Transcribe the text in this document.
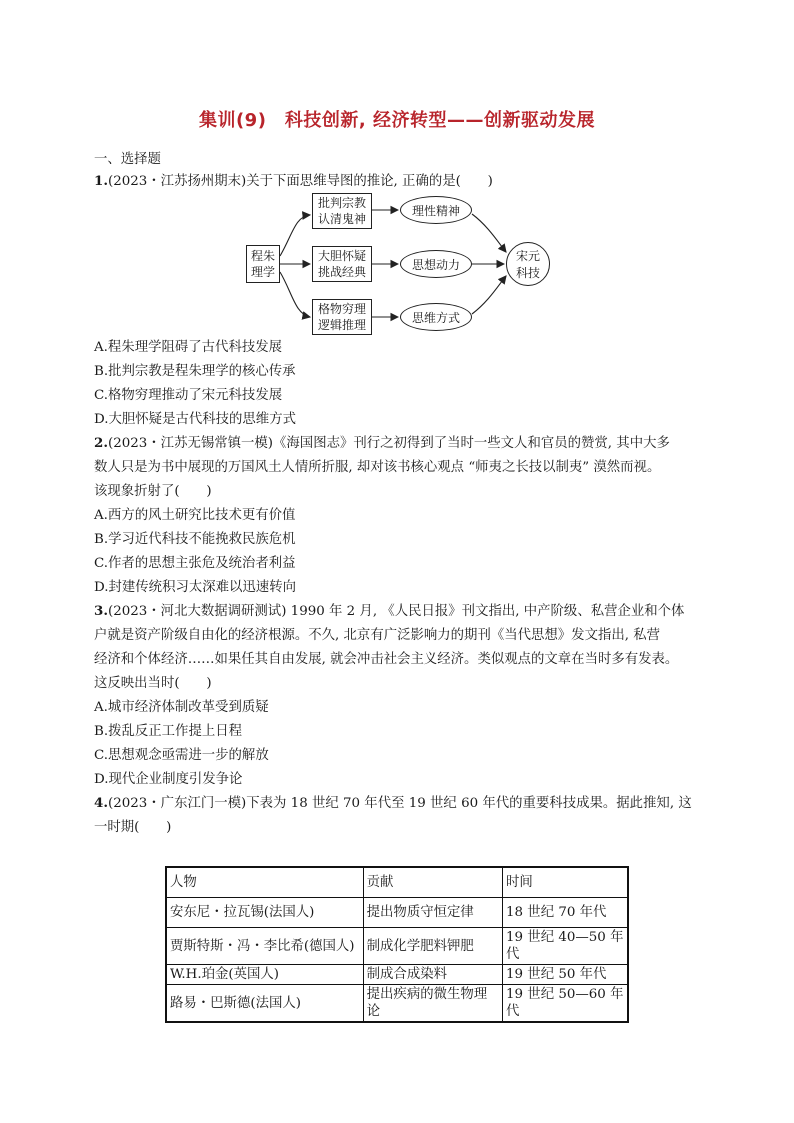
集训(9)　科技创新, 经济转型——创新驱动发展
一、选择题
1.(2023・江苏扬州期末)关于下面思维导图的推论, 正确的是(　　)
程朱
理学
批判宗教
认清鬼神
大胆怀疑
挑战经典
格物穷理
逻辑推理
理性精神
思想动力
思维方式
宋元
科技
A.程朱理学阻碍了古代科技发展
B.批判宗教是程朱理学的核心传承
C.格物穷理推动了宋元科技发展
D.大胆怀疑是古代科技的思维方式
2.(2023・江苏无锡常镇一模)《海国图志》刊行之初得到了当时一些文人和官员的赞赏, 其中大多
数人只是为书中展现的万国风土人情所折服, 却对该书核心观点 “师夷之长技以制夷” 漠然而视。
该现象折射了(　　)
A.西方的风土研究比技术更有价值
B.学习近代科技不能挽救民族危机
C.作者的思想主张危及统治者利益
D.封建传统积习太深难以迅速转向
3.(2023・河北大数据调研测试) 1990 年 2 月, 《人民日报》刊文指出, 中产阶级、私营企业和个体
户就是资产阶级自由化的经济根源。不久, 北京有广泛影响力的期刊《当代思想》发文指出, 私营
经济和个体经济……如果任其自由发展, 就会冲击社会主义经济。类似观点的文章在当时多有发表。
这反映出当时(　　)
A.城市经济体制改革受到质疑
B.拨乱反正工作提上日程
C.思想观念亟需进一步的解放
D.现代企业制度引发争论
4.(2023・广东江门一模)下表为 18 世纪 70 年代至 19 世纪 60 年代的重要科技成果。据此推知, 这
一时期(　　)
人物	贡献	时间
安东尼・拉瓦锡(法国人)	提出物质守恒定律	18 世纪 70 年代
贾斯特斯・冯・李比希(德国人)	制成化学肥料钾肥	19 世纪 40—50 年代
W.H.珀金(英国人)	制成合成染料	19 世纪 50 年代
路易・巴斯德(法国人)	提出疾病的微生物理论	19 世纪 50—60 年代
